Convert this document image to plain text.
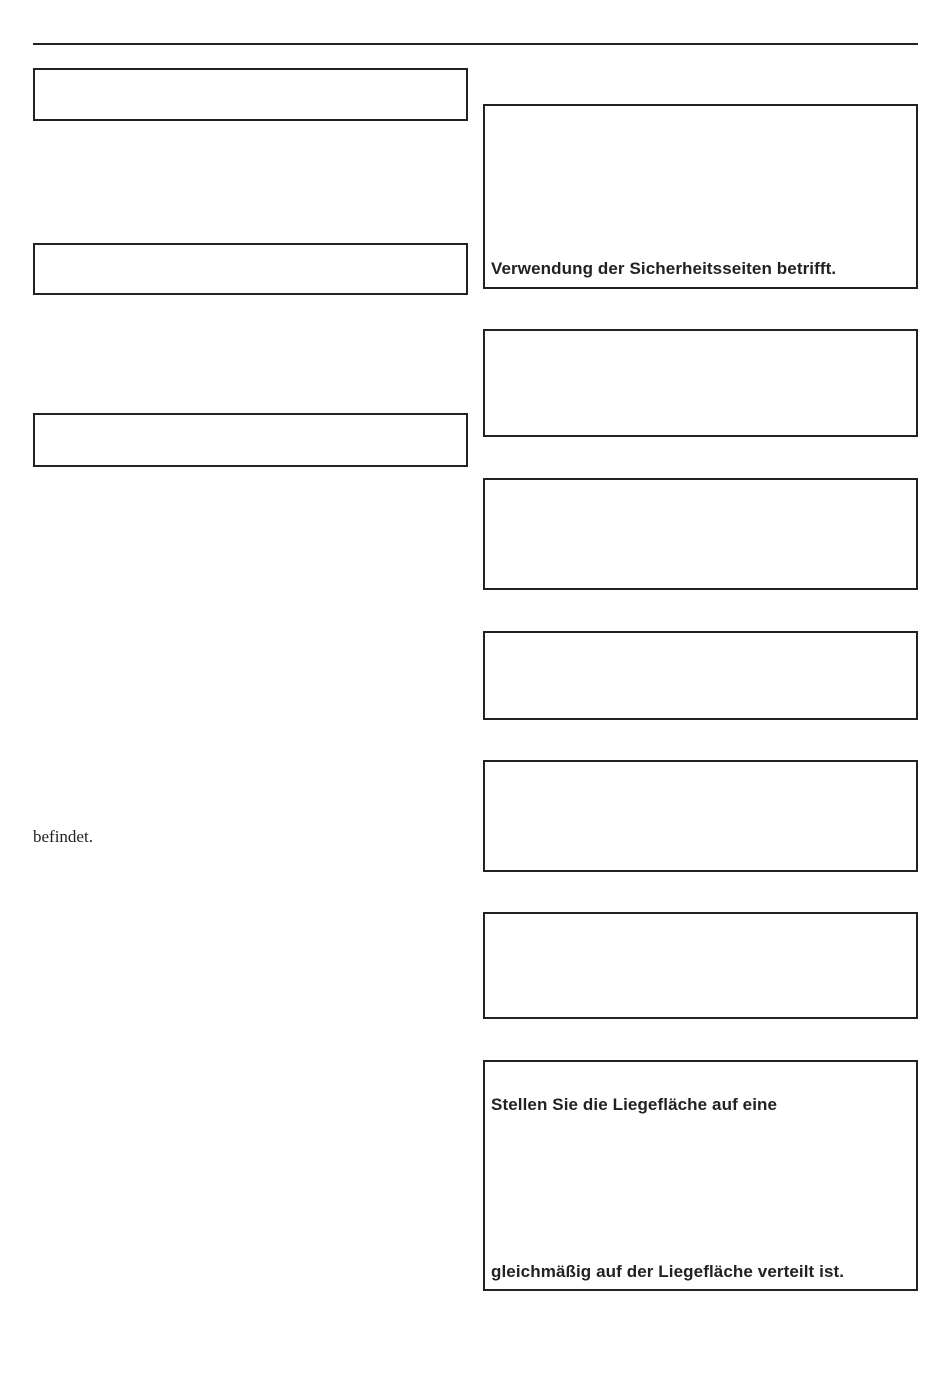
befindet.
Verwendung der Sicherheitsseiten betrifft.
Stellen Sie die Liegefläche auf eine
gleichmäßig auf der Liegefläche verteilt ist.
